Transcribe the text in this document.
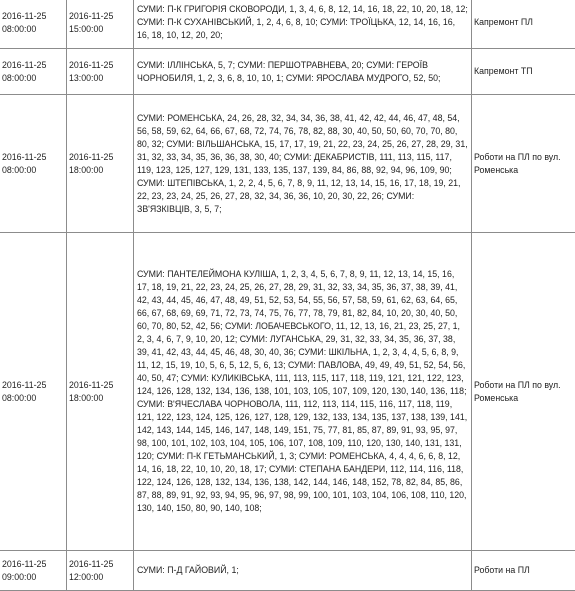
2016-11-25
08:00:00	2016-11-25
15:00:00	СУМИ: П-К ГРИГОРІЯ СКОВОРОДИ, 1, 3, 4, 6, 8, 12, 14, 16, 18, 22, 10, 20, 18, 12; СУМИ: П-К СУХАНІВСЬКИЙ, 1, 2, 4, 6, 8, 10; СУМИ: ТРОЇЦЬКА, 12, 14, 16, 16, 16, 18, 10, 12, 20, 20;	Капремонт ПЛ
2016-11-25
08:00:00	2016-11-25
13:00:00	СУМИ: ІЛЛІНСЬКА, 5, 7; СУМИ: ПЕРШОТРАВНЕВА, 20; СУМИ: ГЕРОЇВ ЧОРНОБИЛЯ, 1, 2, 3, 6, 8, 10, 10, 1; СУМИ: ЯРОСЛАВА МУДРОГО, 52, 50;	Капремонт ТП
2016-11-25
08:00:00	2016-11-25
18:00:00	СУМИ: РОМЕНСЬКА, 24, 26, 28, 32, 34, 34, 36, 38, 41, 42, 42, 44, 46, 47, 48, 54, 56, 58, 59, 62, 64, 66, 67, 68, 72, 74, 76, 78, 82, 88, 30, 40, 50, 50, 60, 70, 70, 80, 80, 32; СУМИ: ВІЛЬШАНСЬКА, 15, 17, 17, 19, 21, 22, 23, 24, 25, 26, 27, 28, 29, 31, 31, 32, 33, 34, 35, 36, 36, 38, 30, 40; СУМИ: ДЕКАБРИСТІВ, 111, 113, 115, 117, 119, 123, 125, 127, 129, 131, 133, 135, 137, 139, 84, 86, 88, 92, 94, 96, 109, 90; СУМИ: ШТЕПІВСЬКА, 1, 2, 2, 4, 5, 6, 7, 8, 9, 11, 12, 13, 14, 15, 16, 17, 18, 19, 21, 22, 23, 23, 24, 25, 26, 27, 28, 32, 34, 36, 36, 10, 20, 30, 22, 26; СУМИ: ЗВ'ЯЗКІВЦІВ, 3, 5, 7;	Роботи на ПЛ по вул. Роменська
2016-11-25
08:00:00	2016-11-25
18:00:00	СУМИ: ПАНТЕЛЕЙМОНА КУЛІША, 1, 2, 3, 4, 5, 6, 7, 8, 9, 11, 12, 13, 14, 15, 16, 17, 18, 19, 21, 22, 23, 24, 25, 26, 27, 28, 29, 31, 32, 33, 34, 35, 36, 37, 38, 39, 41, 42, 43, 44, 45, 46, 47, 48, 49, 51, 52, 53, 54, 55, 56, 57, 58, 59, 61, 62, 63, 64, 65, 66, 67, 68, 69, 69, 71, 72, 73, 74, 75, 76, 77, 78, 79, 81, 82, 84, 10, 20, 30, 40, 50, 60, 70, 80, 52, 42, 56; СУМИ: ЛОБАЧЕВСЬКОГО, 11, 12, 13, 16, 21, 23, 25, 27, 1, 2, 3, 4, 6, 7, 9, 10, 20, 12; СУМИ: ЛУГАНСЬКА, 29, 31, 32, 33, 34, 35, 36, 37, 38, 39, 41, 42, 43, 44, 45, 46, 48, 30, 40, 36; СУМИ: ШКІЛЬНА, 1, 2, 3, 4, 4, 5, 6, 8, 9, 11, 12, 15, 19, 10, 5, 6, 5, 12, 5, 6, 13; СУМИ: ПАВЛОВА, 49, 49, 49, 51, 52, 54, 56, 40, 50, 47; СУМИ: КУЛИКІВСЬКА, 111, 113, 115, 117, 118, 119, 121, 121, 122, 123, 124, 126, 128, 132, 134, 136, 138, 101, 103, 105, 107, 109, 120, 130, 140, 136, 118; СУМИ: В'ЯЧЕСЛАВА ЧОРНОВОЛА, 111, 112, 113, 114, 115, 116, 117, 118, 119, 121, 122, 123, 124, 125, 126, 127, 128, 129, 132, 133, 134, 135, 137, 138, 139, 141, 142, 143, 144, 145, 146, 147, 148, 149, 151, 75, 77, 81, 85, 87, 89, 91, 93, 95, 97, 98, 100, 101, 102, 103, 104, 105, 106, 107, 108, 109, 110, 120, 130, 140, 131, 131, 120; СУМИ: П-К ГЕТЬМАНСЬКИЙ, 1, 3; СУМИ: РОМЕНСЬКА, 4, 4, 4, 6, 6, 8, 12, 14, 16, 18, 22, 10, 10, 20, 18, 17; СУМИ: СТЕПАНА БАНДЕРИ, 112, 114, 116, 118, 122, 124, 126, 128, 132, 134, 136, 138, 142, 144, 146, 148, 152, 78, 82, 84, 85, 86, 87, 88, 89, 91, 92, 93, 94, 95, 96, 97, 98, 99, 100, 101, 103, 104, 106, 108, 110, 120, 130, 140, 150, 80, 90, 140, 108;	Роботи на ПЛ по вул. Роменська
2016-11-25
09:00:00	2016-11-25
12:00:00	СУМИ: П-Д ГАЙОВИЙ, 1;	Роботи на ПЛ
